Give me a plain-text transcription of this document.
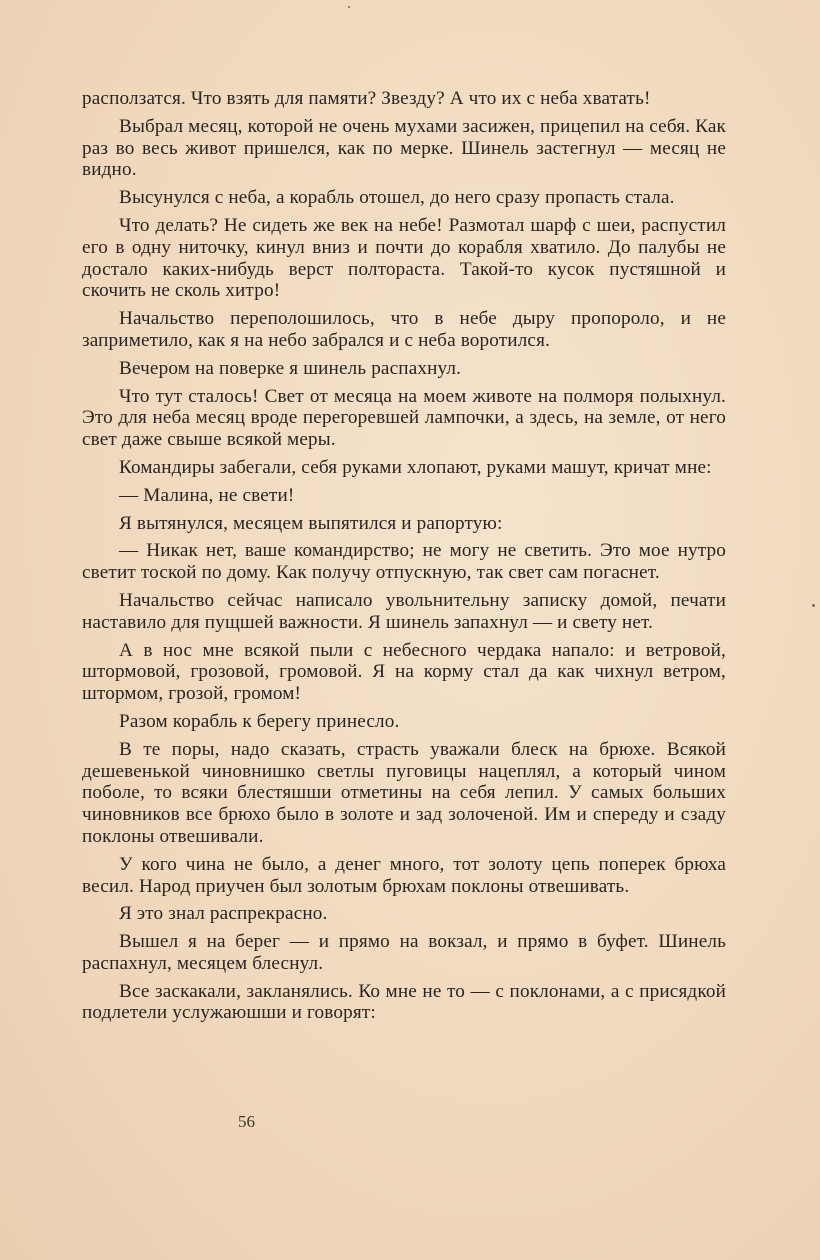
расползатся. Что взять для памяти? Звезду? А что их с неба хватать!

Выбрал месяц, которой не очень мухами засижен, прицепил на себя. Как раз во весь живот пришелся, как по мерке. Шинель застегнул — месяц не видно.

Высунулся с неба, а корабль отошел, до него сразу пропасть стала.

Что делать? Не сидеть же век на небе! Размотал шарф с шеи, распустил его в одну ниточку, кинул вниз и почти до корабля хватило. До палубы не достало каких-нибудь верст полтораста. Такой-то кусок пустяшной и скочить не сколь хитро!

Начальство переполошилось, что в небе дыру пропороло, и не заприметило, как я на небо забрался и с неба воротился.

Вечером на поверке я шинель распахнул.

Что тут сталось! Свет от месяца на моем животе на полморя полыхнул. Это для неба месяц вроде перегоревшей лампочки, а здесь, на земле, от него свет даже свыше всякой меры.

Командиры забегали, себя руками хлопают, руками машут, кричат мне:

— Малина, не свети!

Я вытянулся, месяцем выпятился и рапортую:

— Никак нет, ваше командирство; не могу не светить. Это мое нутро светит тоской по дому. Как получу отпускную, так свет сам погаснет.

Начальство сейчас написало увольнительну записку домой, печати наставило для пущшей важности. Я шинель запахнул — и свету нет.

А в нос мне всякой пыли с небесного чердака напало: и ветровой, штормовой, грозовой, громовой. Я на корму стал да как чихнул ветром, штормом, грозой, громом!

Разом корабль к берегу принесло.

В те поры, надо сказать, страсть уважали блеск на брюхе. Всякой дешевенькой чиновнишко светлы пуговицы нацеплял, а который чином поболе, то всяки блестяшши отметины на себя лепил. У самых больших чиновников все брюхо было в золоте и зад золоченой. Им и спереду и сзаду поклоны отвешивали.

У кого чина не было, а денег много, тот золоту цепь поперек брюха весил. Народ приучен был золотым брюхам поклоны отвешивать.

Я это знал распрекрасно.

Вышел я на берег — и прямо на вокзал, и прямо в буфет. Шинель распахнул, месяцем блеснул.

Все заскакали, закланялись. Ко мне не то — с поклонами, а с присядкой подлетели услужаюшши и говорят:

56
